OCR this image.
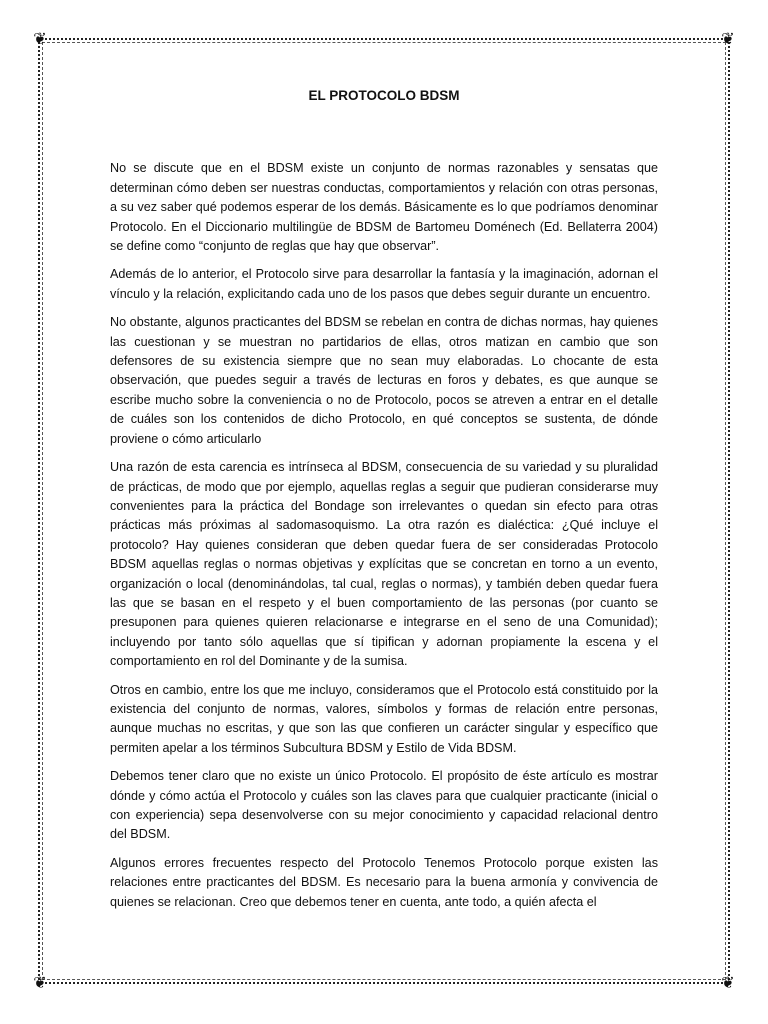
❦	❦
❦	❦

EL PROTOCOLO BDSM

No se discute que en el BDSM existe un conjunto de normas razonables y sensatas que determinan cómo deben ser nuestras conductas, comportamientos y relación con otras personas, a su vez saber qué podemos esperar de los demás. Básicamente es lo que podríamos denominar Protocolo. En el Diccionario multilingüe de BDSM de Bartomeu Doménech (Ed. Bellaterra 2004) se define como “conjunto de reglas que hay que observar”.

Además de lo anterior, el Protocolo sirve para desarrollar la fantasía y la imaginación, adornan el vínculo y la relación, explicitando cada uno de los pasos que debes seguir durante un encuentro.

No obstante, algunos practicantes del BDSM se rebelan en contra de dichas normas, hay quienes las cuestionan y se muestran no partidarios de ellas, otros matizan en cambio que son defensores de su existencia siempre que no sean muy elaboradas. Lo chocante de esta observación, que puedes seguir a través de lecturas en foros y debates, es que aunque se escribe mucho sobre la conveniencia o no de Protocolo, pocos se atreven a entrar en el detalle de cuáles son los contenidos de dicho Protocolo, en qué conceptos se sustenta, de dónde proviene o cómo articularlo

Una razón de esta carencia es intrínseca al BDSM, consecuencia de su variedad y su pluralidad de prácticas, de modo que por ejemplo, aquellas reglas a seguir que pudieran considerarse muy convenientes para la práctica del Bondage son irrelevantes o quedan sin efecto para otras prácticas más próximas al sadomasoquismo. La otra razón es dialéctica: ¿Qué incluye el protocolo? Hay quienes consideran que deben quedar fuera de ser consideradas Protocolo BDSM aquellas reglas o normas objetivas y explícitas que se concretan en torno a un evento, organización o local (denominándolas, tal cual, reglas o normas), y también deben quedar fuera las que se basan en el respeto y el buen comportamiento de las personas (por cuanto se presuponen para quienes quieren relacionarse e integrarse en el seno de una Comunidad); incluyendo por tanto sólo aquellas que sí tipifican y adornan propiamente la escena y el comportamiento en rol del Dominante y de la sumisa.

Otros en cambio, entre los que me incluyo, consideramos que el Protocolo está constituido por la existencia del conjunto de normas, valores, símbolos y formas de relación entre personas, aunque muchas no escritas, y que son las que confieren un carácter singular y específico que permiten apelar a los términos Subcultura BDSM y Estilo de Vida BDSM.

Debemos tener claro que no existe un único Protocolo. El propósito de éste artículo es mostrar dónde y cómo actúa el Protocolo y cuáles son las claves para que cualquier practicante (inicial o con experiencia) sepa desenvolverse con su mejor conocimiento y capacidad relacional dentro del BDSM.

Algunos errores frecuentes respecto del Protocolo Tenemos Protocolo porque existen las relaciones entre practicantes del BDSM. Es necesario para la buena armonía y convivencia de quienes se relacionan. Creo que debemos tener en cuenta, ante todo, a quién afecta el
